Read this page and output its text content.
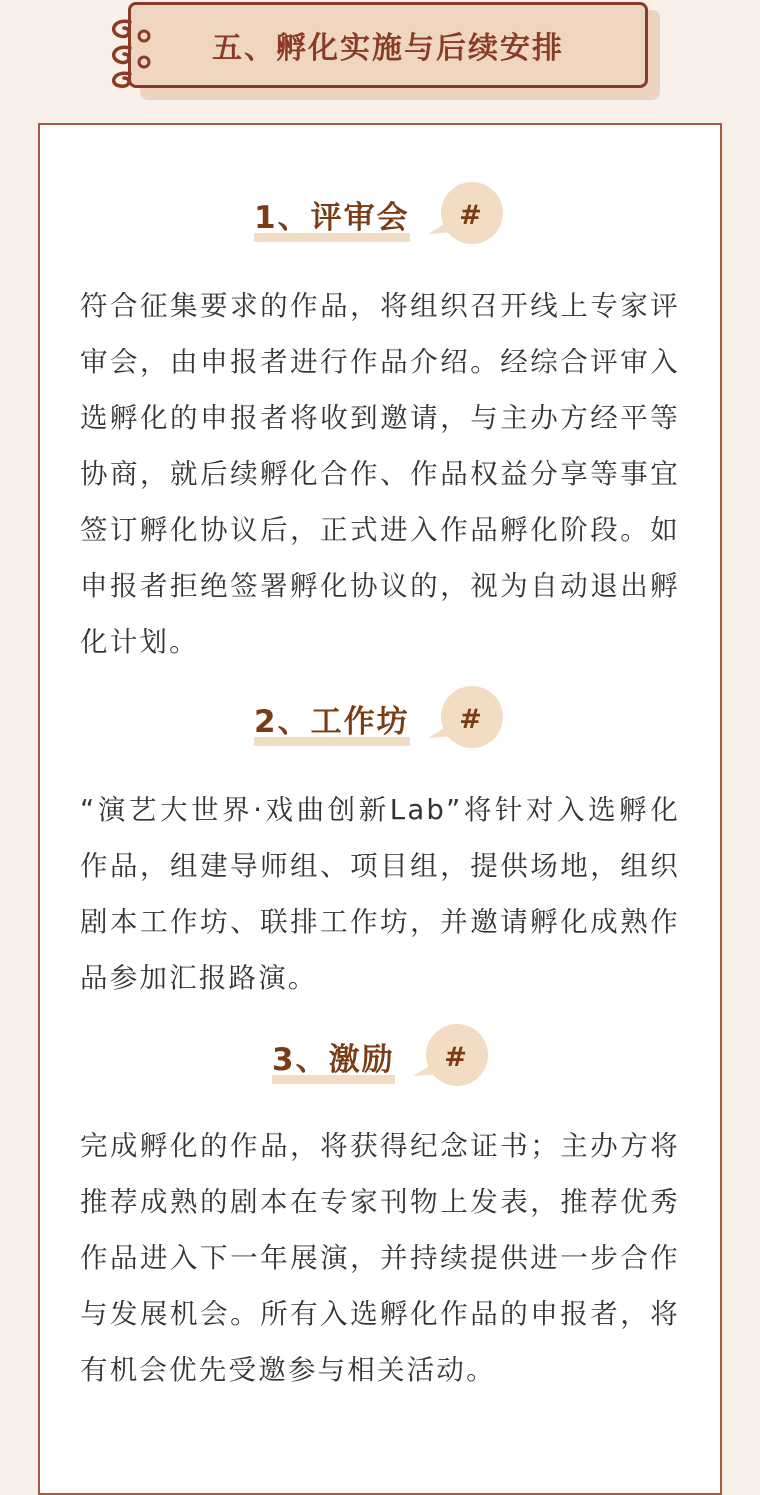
五、孵化实施与后续安排
1、评审会 #

符合征集要求的作品，将组织召开线上专家评审会，由申报者进行作品介绍。经综合评审入选孵化的申报者将收到邀请，与主办方经平等协商，就后续孵化合作、作品权益分享等事宜签订孵化协议后，正式进入作品孵化阶段。如申报者拒绝签署孵化协议的，视为自动退出孵化计划。

2、工作坊 #

“演艺大世界·戏曲创新Lab”将针对入选孵化作品，组建导师组、项目组，提供场地，组织剧本工作坊、联排工作坊，并邀请孵化成熟作品参加汇报路演。

3、激励 #

完成孵化的作品，将获得纪念证书；主办方将推荐成熟的剧本在专家刊物上发表，推荐优秀作品进入下一年展演，并持续提供进一步合作与发展机会。所有入选孵化作品的申报者，将有机会优先受邀参与相关活动。
